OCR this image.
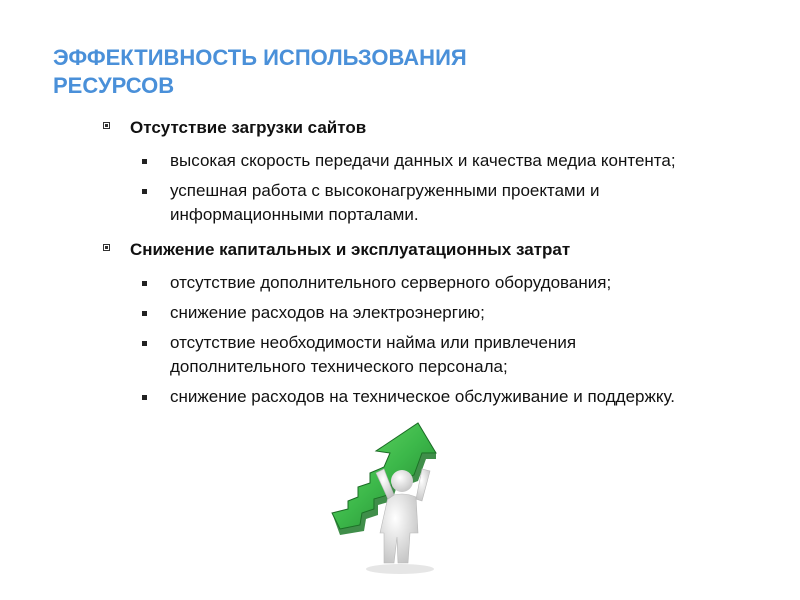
ЭФФЕКТИВНОСТЬ ИСПОЛЬЗОВАНИЯ
РЕСУРСОВ
Отсутствие загрузки сайтов
высокая скорость передачи данных и качества медиа контента;
успешная работа с высоконагруженными проектами и информационными порталами.
Снижение капитальных и эксплуатационных затрат
отсутствие дополнительного серверного оборудования;
снижение расходов на электроэнергию;
отсутствие необходимости найма или привлечения дополнительного технического персонала;
снижение расходов на техническое обслуживание и поддержку.
